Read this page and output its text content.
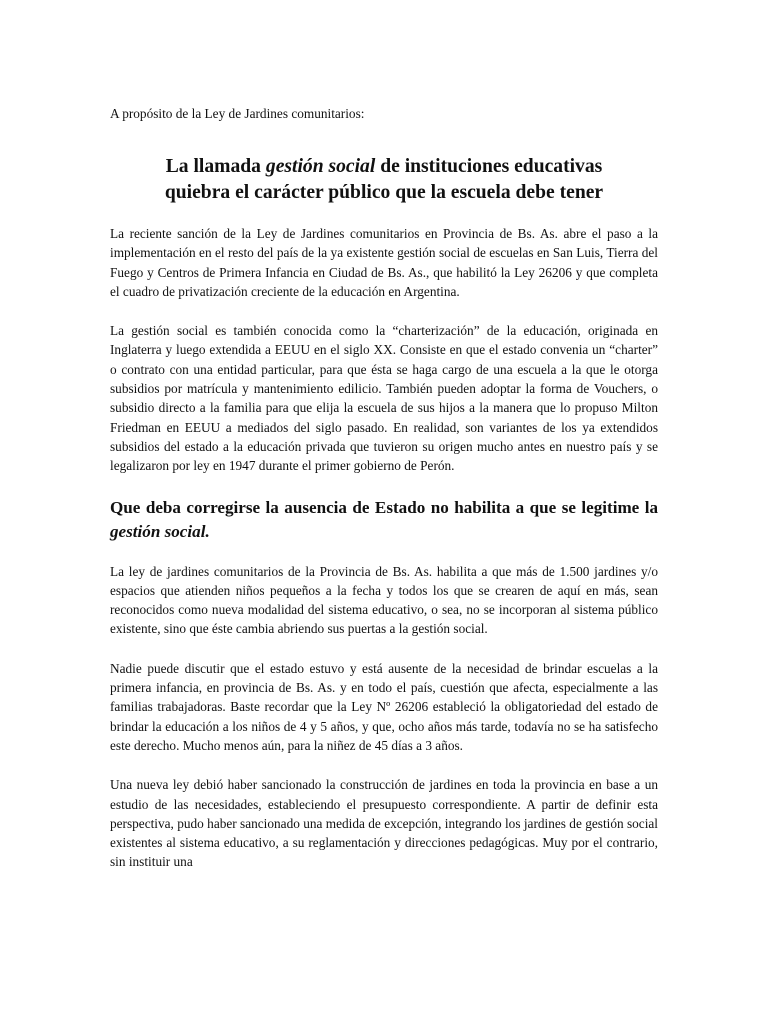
A propósito de la Ley de Jardines comunitarios:

La llamada gestión social de instituciones educativas
quiebra el carácter público que la escuela debe tener

La reciente sanción de la Ley de Jardines comunitarios en Provincia de Bs. As. abre el paso a la implementación en el resto del país de la ya existente gestión social de escuelas en San Luis, Tierra del Fuego y Centros de Primera Infancia en Ciudad de Bs. As., que habilitó la Ley 26206 y que completa el cuadro de privatización creciente de la educación en Argentina.

La gestión social es también conocida como la “charterización” de la educación, originada en Inglaterra y luego extendida a EEUU en el siglo XX. Consiste en que el estado convenia un “charter” o contrato con una entidad particular, para que ésta se haga cargo de una escuela a la que le otorga subsidios por matrícula y mantenimiento edilicio. También pueden adoptar la forma de Vouchers, o subsidio directo a la familia para que elija la escuela de sus hijos a la manera que lo propuso Milton Friedman en EEUU a mediados del siglo pasado. En realidad, son variantes de los ya extendidos subsidios del estado a la educación privada que tuvieron su origen mucho antes en nuestro país y se legalizaron por ley en 1947 durante el primer gobierno de Perón.

Que deba corregirse la ausencia de Estado no habilita a que se legitime la gestión social.

La ley de jardines comunitarios de la Provincia de Bs. As. habilita a que más de 1.500 jardines y/o espacios que atienden niños pequeños a la fecha y todos los que se crearen de aquí en más, sean reconocidos como nueva modalidad del sistema educativo, o sea, no se incorporan al sistema público existente, sino que éste cambia abriendo sus puertas a la gestión social.

Nadie puede discutir que el estado estuvo y está ausente de la necesidad de brindar escuelas a la primera infancia, en provincia de Bs. As. y en todo el país, cuestión que afecta, especialmente a las familias trabajadoras. Baste recordar que la Ley Nº 26206 estableció la obligatoriedad del estado de brindar la educación a los niños de 4 y 5 años, y que, ocho años más tarde, todavía no se ha satisfecho este derecho. Mucho menos aún, para la niñez de 45 días a 3 años.

Una nueva ley debió haber sancionado la construcción de jardines en toda la provincia en base a un estudio de las necesidades, estableciendo el presupuesto correspondiente. A partir de definir esta perspectiva, pudo haber sancionado una medida de excepción, integrando los jardines de gestión social existentes al sistema educativo, a su reglamentación y direcciones pedagógicas. Muy por el contrario, sin instituir una
